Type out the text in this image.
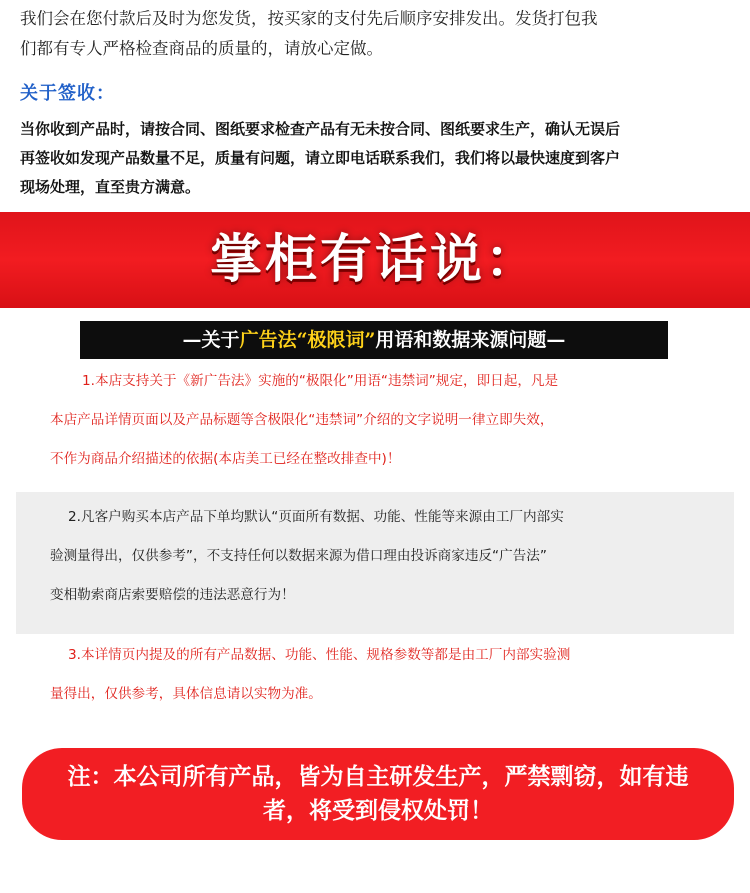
我们会在您付款后及时为您发货，按买家的支付先后顺序安排发出。发货打包我
们都有专人严格检查商品的质量的，请放心定做。
关于签收：
当你收到产品时，请按合同、图纸要求检查产品有无未按合同、图纸要求生产，确认无误后
再签收如发现产品数量不足，质量有问题，请立即电话联系我们，我们将以最快速度到客户
现场处理，直至贵方满意。
掌柜有话说：
—关于广告法“极限词”用语和数据来源问题—
1.本店支持关于《新广告法》实施的“极限化”用语“违禁词”规定，即日起，凡是
本店产品详情页面以及产品标题等含极限化“违禁词”介绍的文字说明一律立即失效，
不作为商品介绍描述的依据(本店美工已经在整改排查中)！
2.凡客户购买本店产品下单均默认“页面所有数据、功能、性能等来源由工厂内部实
验测量得出，仅供参考”，不支持任何以数据来源为借口理由投诉商家违反“广告法”
变相勒索商店索要赔偿的违法恶意行为！
3.本详情页内提及的所有产品数据、功能、性能、规格参数等都是由工厂内部实验测
量得出，仅供参考，具体信息请以实物为准。
注：本公司所有产品，皆为自主研发生产，严禁剽窃，如有违
者，将受到侵权处罚！
